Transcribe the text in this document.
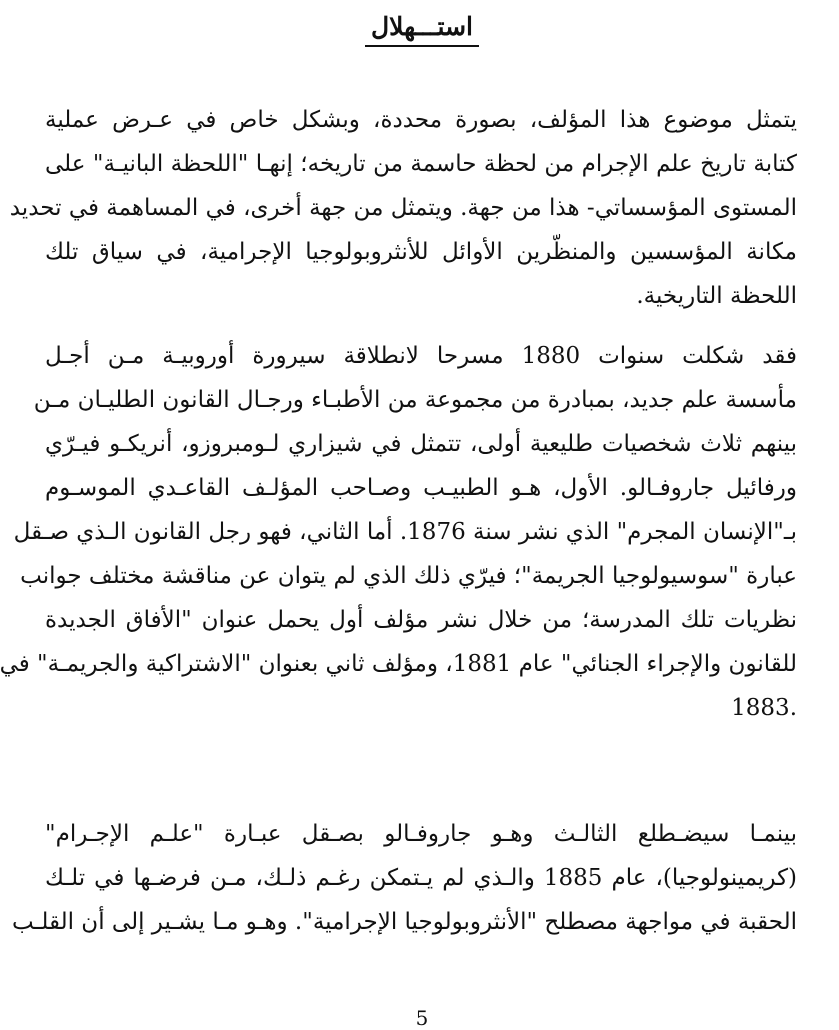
استـــهلال
يتمثل موضوع هذا المؤلف، بصورة محددة، وبشكل خاص في عـرض عملية
كتابة تاريخ علم الإجرام من لحظة حاسمة من تاريخه؛ إنهـا "اللحظة البانيـة" على
المستوى المؤسساتي- هذا من جهة. ويتمثل من جهة أخرى، في المساهمة في تحديد
مكانة المؤسسين والمنظّرين الأوائل للأنثروبولوجيا الإجرامية، في سياق تلك
اللحظة التاريخية.
فقد شكلت سنوات 1880 مسرحا لانطلاقة سيرورة أوروبيـة مـن أجـل
مأسسة علم جديد، بمبادرة من مجموعة من الأطبـاء ورجـال القانون الطليـان مـن
بينهم ثلاث شخصيات طليعية أولى، تتمثل في شيزاري لـومبروزو، أنريكـو فيـرّي
ورفائيل جاروفـالو. الأول، هـو الطبيـب وصـاحب المؤلـف القاعـدي الموسـوم
بـ"الإنسان المجرم" الذي نشر سنة 1876. أما الثاني، فهو رجل القانون الـذي صـقل
عبارة "سوسيولوجيا الجريمة"؛ فيرّي ذلك الذي لم يتوان عن مناقشة مختلف جوانب
نظريات تلك المدرسة؛ من خلال نشر مؤلف أول يحمل عنوان "الأفاق الجديدة
للقانون والإجراء الجنائي" عام 1881، ومؤلف ثاني بعنوان "الاشتراكية والجريمـة" في
.1883
بينمـا سيضـطلع الثالـث وهـو جاروفـالو بصـقل عبـارة "علـم الإجـرام"
(كريمينولوجيا)، عام 1885 والـذي لم يـتمكن رغـم ذلـك، مـن فرضـها في تلـك
الحقبة في مواجهة مصطلح "الأنثروبولوجيا الإجرامية". وهـو مـا يشـير إلى أن القلـب
5
